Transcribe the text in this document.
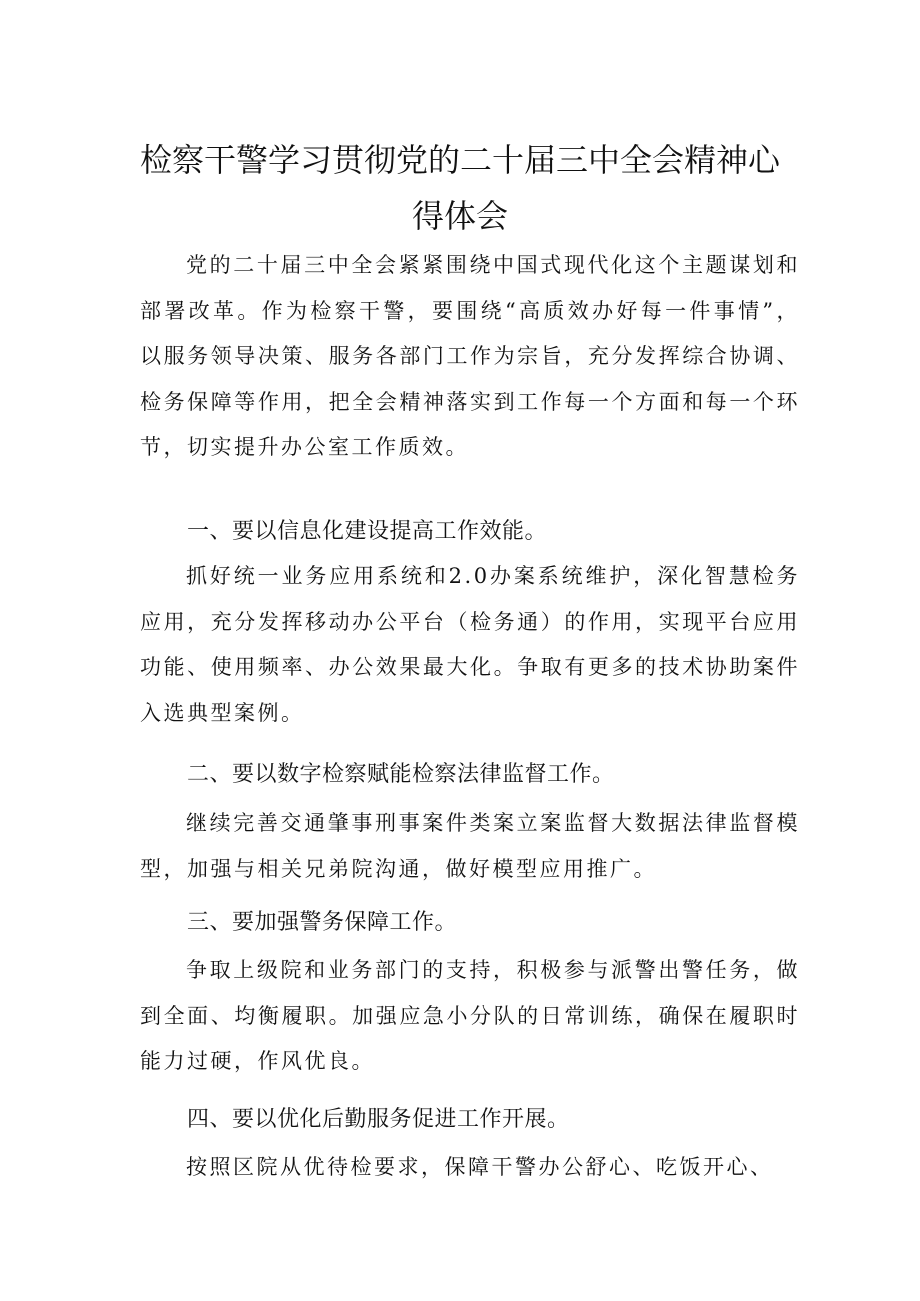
检察干警学习贯彻党的二十届三中全会精神心
得体会

党的二十届三中全会紧紧围绕中国式现代化这个主题谋划和部署改革。作为检察干警，要围绕“高质效办好每一件事情”，以服务领导决策、服务各部门工作为宗旨，充分发挥综合协调、检务保障等作用，把全会精神落实到工作每一个方面和每一个环节，切实提升办公室工作质效。

一、要以信息化建设提高工作效能。

抓好统一业务应用系统和2.0办案系统维护，深化智慧检务应用，充分发挥移动办公平台（检务通）的作用，实现平台应用功能、使用频率、办公效果最大化。争取有更多的技术协助案件入选典型案例。

二、要以数字检察赋能检察法律监督工作。

继续完善交通肇事刑事案件类案立案监督大数据法律监督模型，加强与相关兄弟院沟通，做好模型应用推广。

三、要加强警务保障工作。

争取上级院和业务部门的支持，积极参与派警出警任务，做到全面、均衡履职。加强应急小分队的日常训练，确保在履职时能力过硬，作风优良。

四、要以优化后勤服务促进工作开展。

按照区院从优待检要求，保障干警办公舒心、吃饭开心、
